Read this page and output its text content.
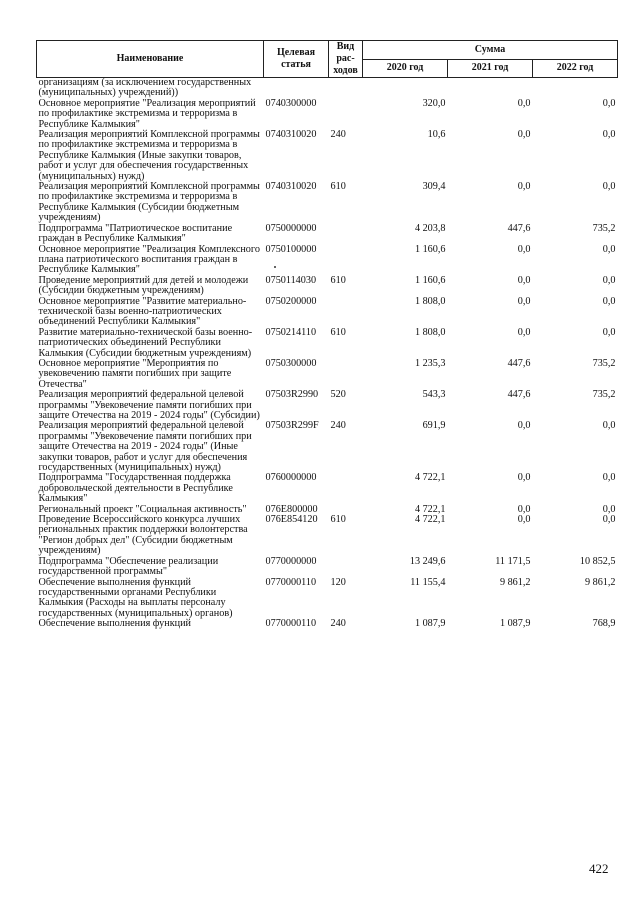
Наименование	Целевая статья	Вид рас-ходов	Сумма		
			2020 год	2021 год	2022 год
организациям (за исключением государственных (муниципальных) учреждений))					
Основное мероприятие "Реализация мероприятий по профилактике экстремизма и терроризма в Республике Калмыкия"	0740300000		320,0	0,0	0,0
Реализация мероприятий Комплексной программы по профилактике экстремизма и терроризма в Республике Калмыкия (Иные закупки товаров, работ и услуг для обеспечения государственных (муниципальных) нужд)	0740310020	240	10,6	0,0	0,0
Реализация мероприятий Комплексной программы по профилактике экстремизма и терроризма в Республике Калмыкия (Субсидии бюджетным учреждениям)	0740310020	610	309,4	0,0	0,0
Подпрограмма "Патриотическое воспитание граждан в Республике Калмыкия"	0750000000		4 203,8	447,6	735,2
Основное мероприятие "Реализация Комплексного плана патриотического воспитания граждан в Республике Калмыкия"	0750100000		1 160,6	0,0	0,0
Проведение мероприятий для детей и молодежи (Субсидии бюджетным учреждениям)	0750114030	610	1 160,6	0,0	0,0
Основное мероприятие "Развитие материально-технической базы военно-патриотических объединений Республики Калмыкия"	0750200000		1 808,0	0,0	0,0
Развитие материально-технической базы военно-патриотических объединений Республики Калмыкия (Субсидии бюджетным учреждениям)	0750214110	610	1 808,0	0,0	0,0
Основное мероприятие "Мероприятия по увековечению памяти погибших при защите Отечества"	0750300000		1 235,3	447,6	735,2
Реализация мероприятий федеральной целевой программы "Увековечение памяти погибших при защите Отечества на 2019 - 2024 годы" (Субсидии)	07503R2990	520	543,3	447,6	735,2
Реализация мероприятий федеральной целевой программы "Увековечение памяти погибших при защите Отечества на 2019 - 2024 годы" (Иные закупки товаров, работ и услуг для обеспечения государственных (муниципальных) нужд)	07503R299F	240	691,9	0,0	0,0
Подпрограмма "Государственная поддержка добровольческой деятельности в Республике Калмыкия"	0760000000		4 722,1	0,0	0,0
Региональный проект "Социальная активность"	076E800000		4 722,1	0,0	0,0
Проведение Всероссийского конкурса лучших региональных практик поддержки волонтерства "Регион добрых дел" (Субсидии бюджетным учреждениям)	076E854120	610	4 722,1	0,0	0,0
Подпрограмма "Обеспечение реализации государственной программы"	0770000000		13 249,6	11 171,5	10 852,5
Обеспечение выполнения функций государственными органами Республики Калмыкия (Расходы на выплаты персоналу государственных (муниципальных) органов)	0770000110	120	11 155,4	9 861,2	9 861,2
Обеспечение выполнения функций	0770000110	240	1 087,9	1 087,9	768,9
422
